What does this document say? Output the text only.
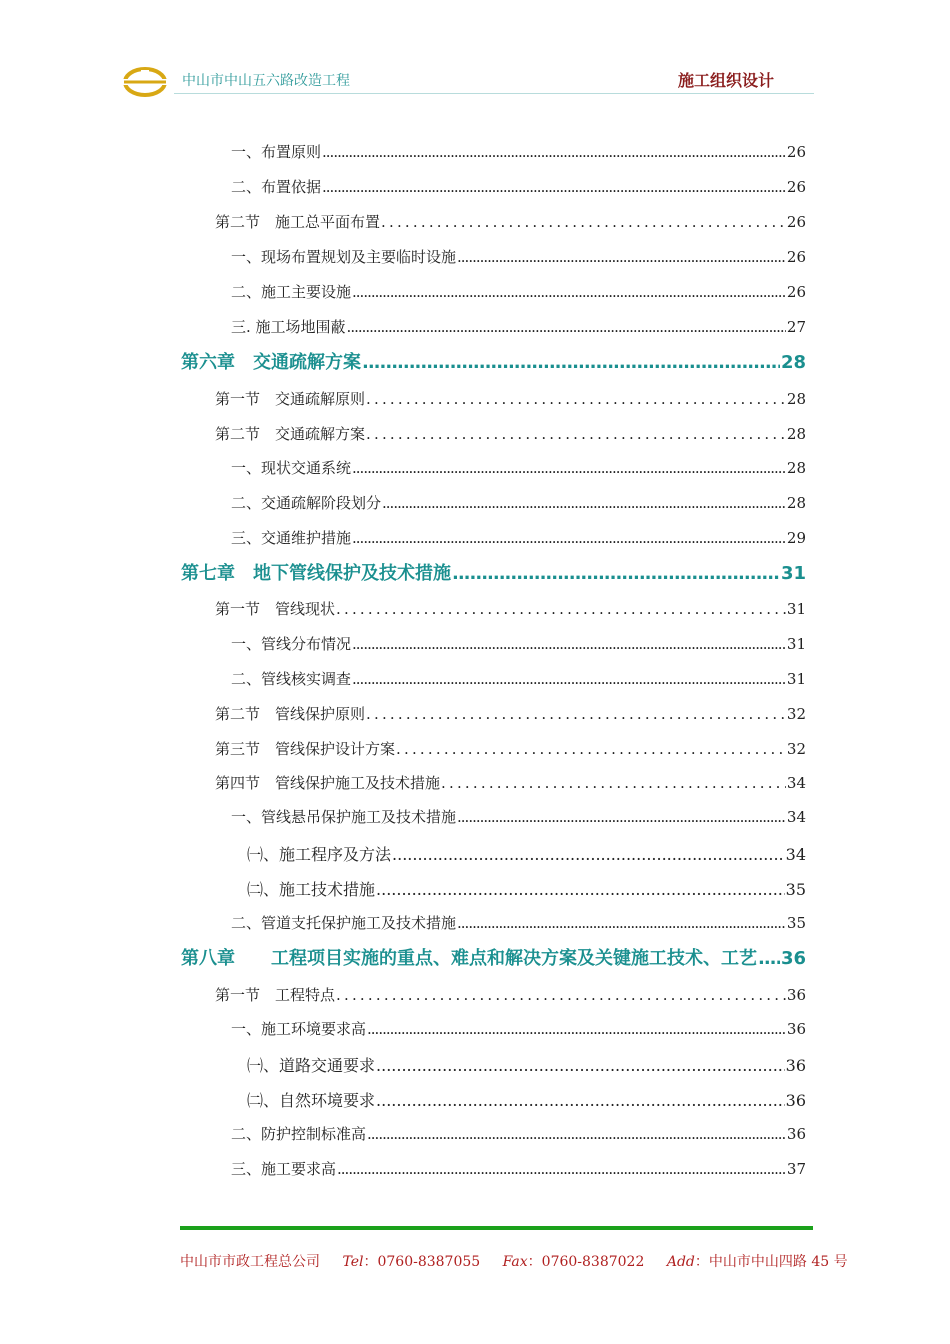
中山市中山五六路改造工程	施工组织设计
一、布置原则 .....	26
二、布置依据 .....	26
第二节　施工总平面布置 .....	26
一、现场布置规划及主要临时设施 .....	26
二、施工主要设施 .....	26
三. 施工场地围蔽 .....	27
第六章　交通疏解方案 .....	28
第一节　交通疏解原则 .....	28
第二节　交通疏解方案 .....	28
一、现状交通系统 .....	28
二、交通疏解阶段划分 .....	28
三、交通维护措施 .....	29
第七章　地下管线保护及技术措施 .....	31
第一节　管线现状 .....	31
一、管线分布情况 .....	31
二、管线核实调查 .....	31
第二节　管线保护原则 .....	32
第三节　管线保护设计方案 .....	32
第四节　管线保护施工及技术措施 .....	34
一、管线悬吊保护施工及技术措施 .....	34
㈠、施工程序及方法 .....	34
㈡、施工技术措施 .....	35
二、管道支托保护施工及技术措施 .....	35
第八章　　工程项目实施的重点、难点和解决方案及关键施工技术、工艺 ..... 36
第一节　工程特点 .....	36
一、施工环境要求高 .....	36
㈠、道路交通要求 .....	36
㈡、自然环境要求 .....	36
二、防护控制标准高 .....	36
三、施工要求高 .....	37
中山市市政工程总公司 Tel：0760-8387055 Fax：0760-8387022 Add：中山市中山四路 45 号
